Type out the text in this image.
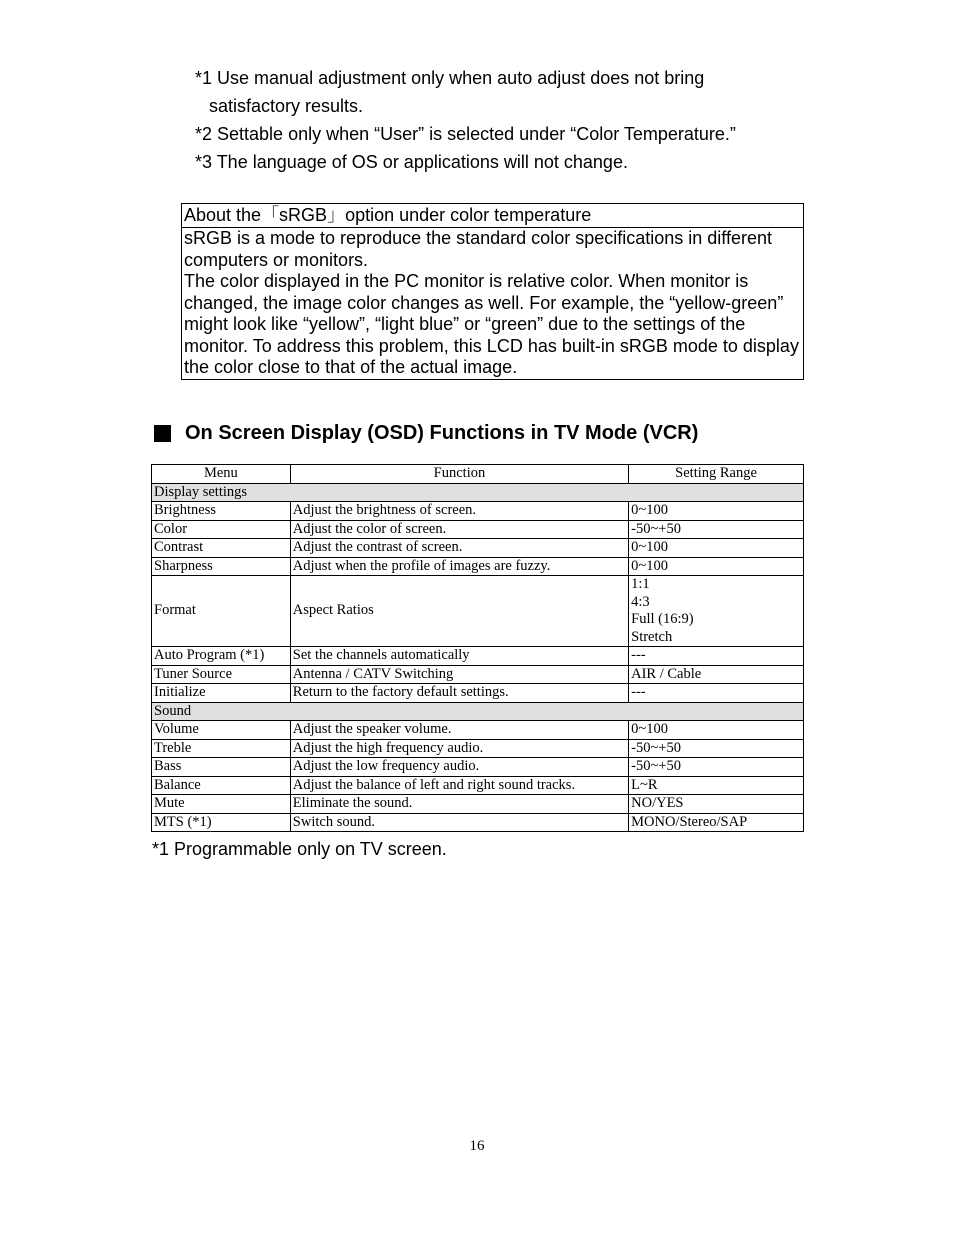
*1 Use manual adjustment only when auto adjust does not bring

satisfactory results.

*2 Settable only when “User” is selected under “Color Temperature.”

*3 The language of OS or applications will not change.

About the「sRGB」option under color temperature

sRGB is a mode to reproduce the standard color specifications in different computers or monitors.

The color displayed in the PC monitor is relative color. When monitor is changed, the image color changes as well. For example, the “yellow-green” might look like “yellow”, “light blue” or “green” due to the settings of the monitor. To address this problem, this LCD has built-in sRGB mode to display the color close to that of the actual image.

On Screen Display (OSD) Functions in TV Mode (VCR)
Menu	Function	Setting Range
Display settings		
Brightness	Adjust the brightness of screen.	0~100
Color	Adjust the color of screen.	-50~+50
Contrast	Adjust the contrast of screen.	0~100
Sharpness	Adjust when the profile of images are fuzzy.	0~100
Format	Aspect Ratios	1:1
4:3
Full (16:9)
Stretch

Auto Program (*1)	Set the channels automatically	---
Tuner Source	Antenna / CATV Switching	AIR / Cable
Initialize	Return to the factory default settings.	---
Sound		
Volume	Adjust the speaker volume.	0~100
Treble	Adjust the high frequency audio.	-50~+50
Bass	Adjust the low frequency audio.	-50~+50
Balance	Adjust the balance of left and right sound tracks.	L~R
Mute	Eliminate the sound.	NO/YES
MTS (*1)	Switch sound.	MONO/Stereo/SAP
*1 Programmable only on TV screen.
16
